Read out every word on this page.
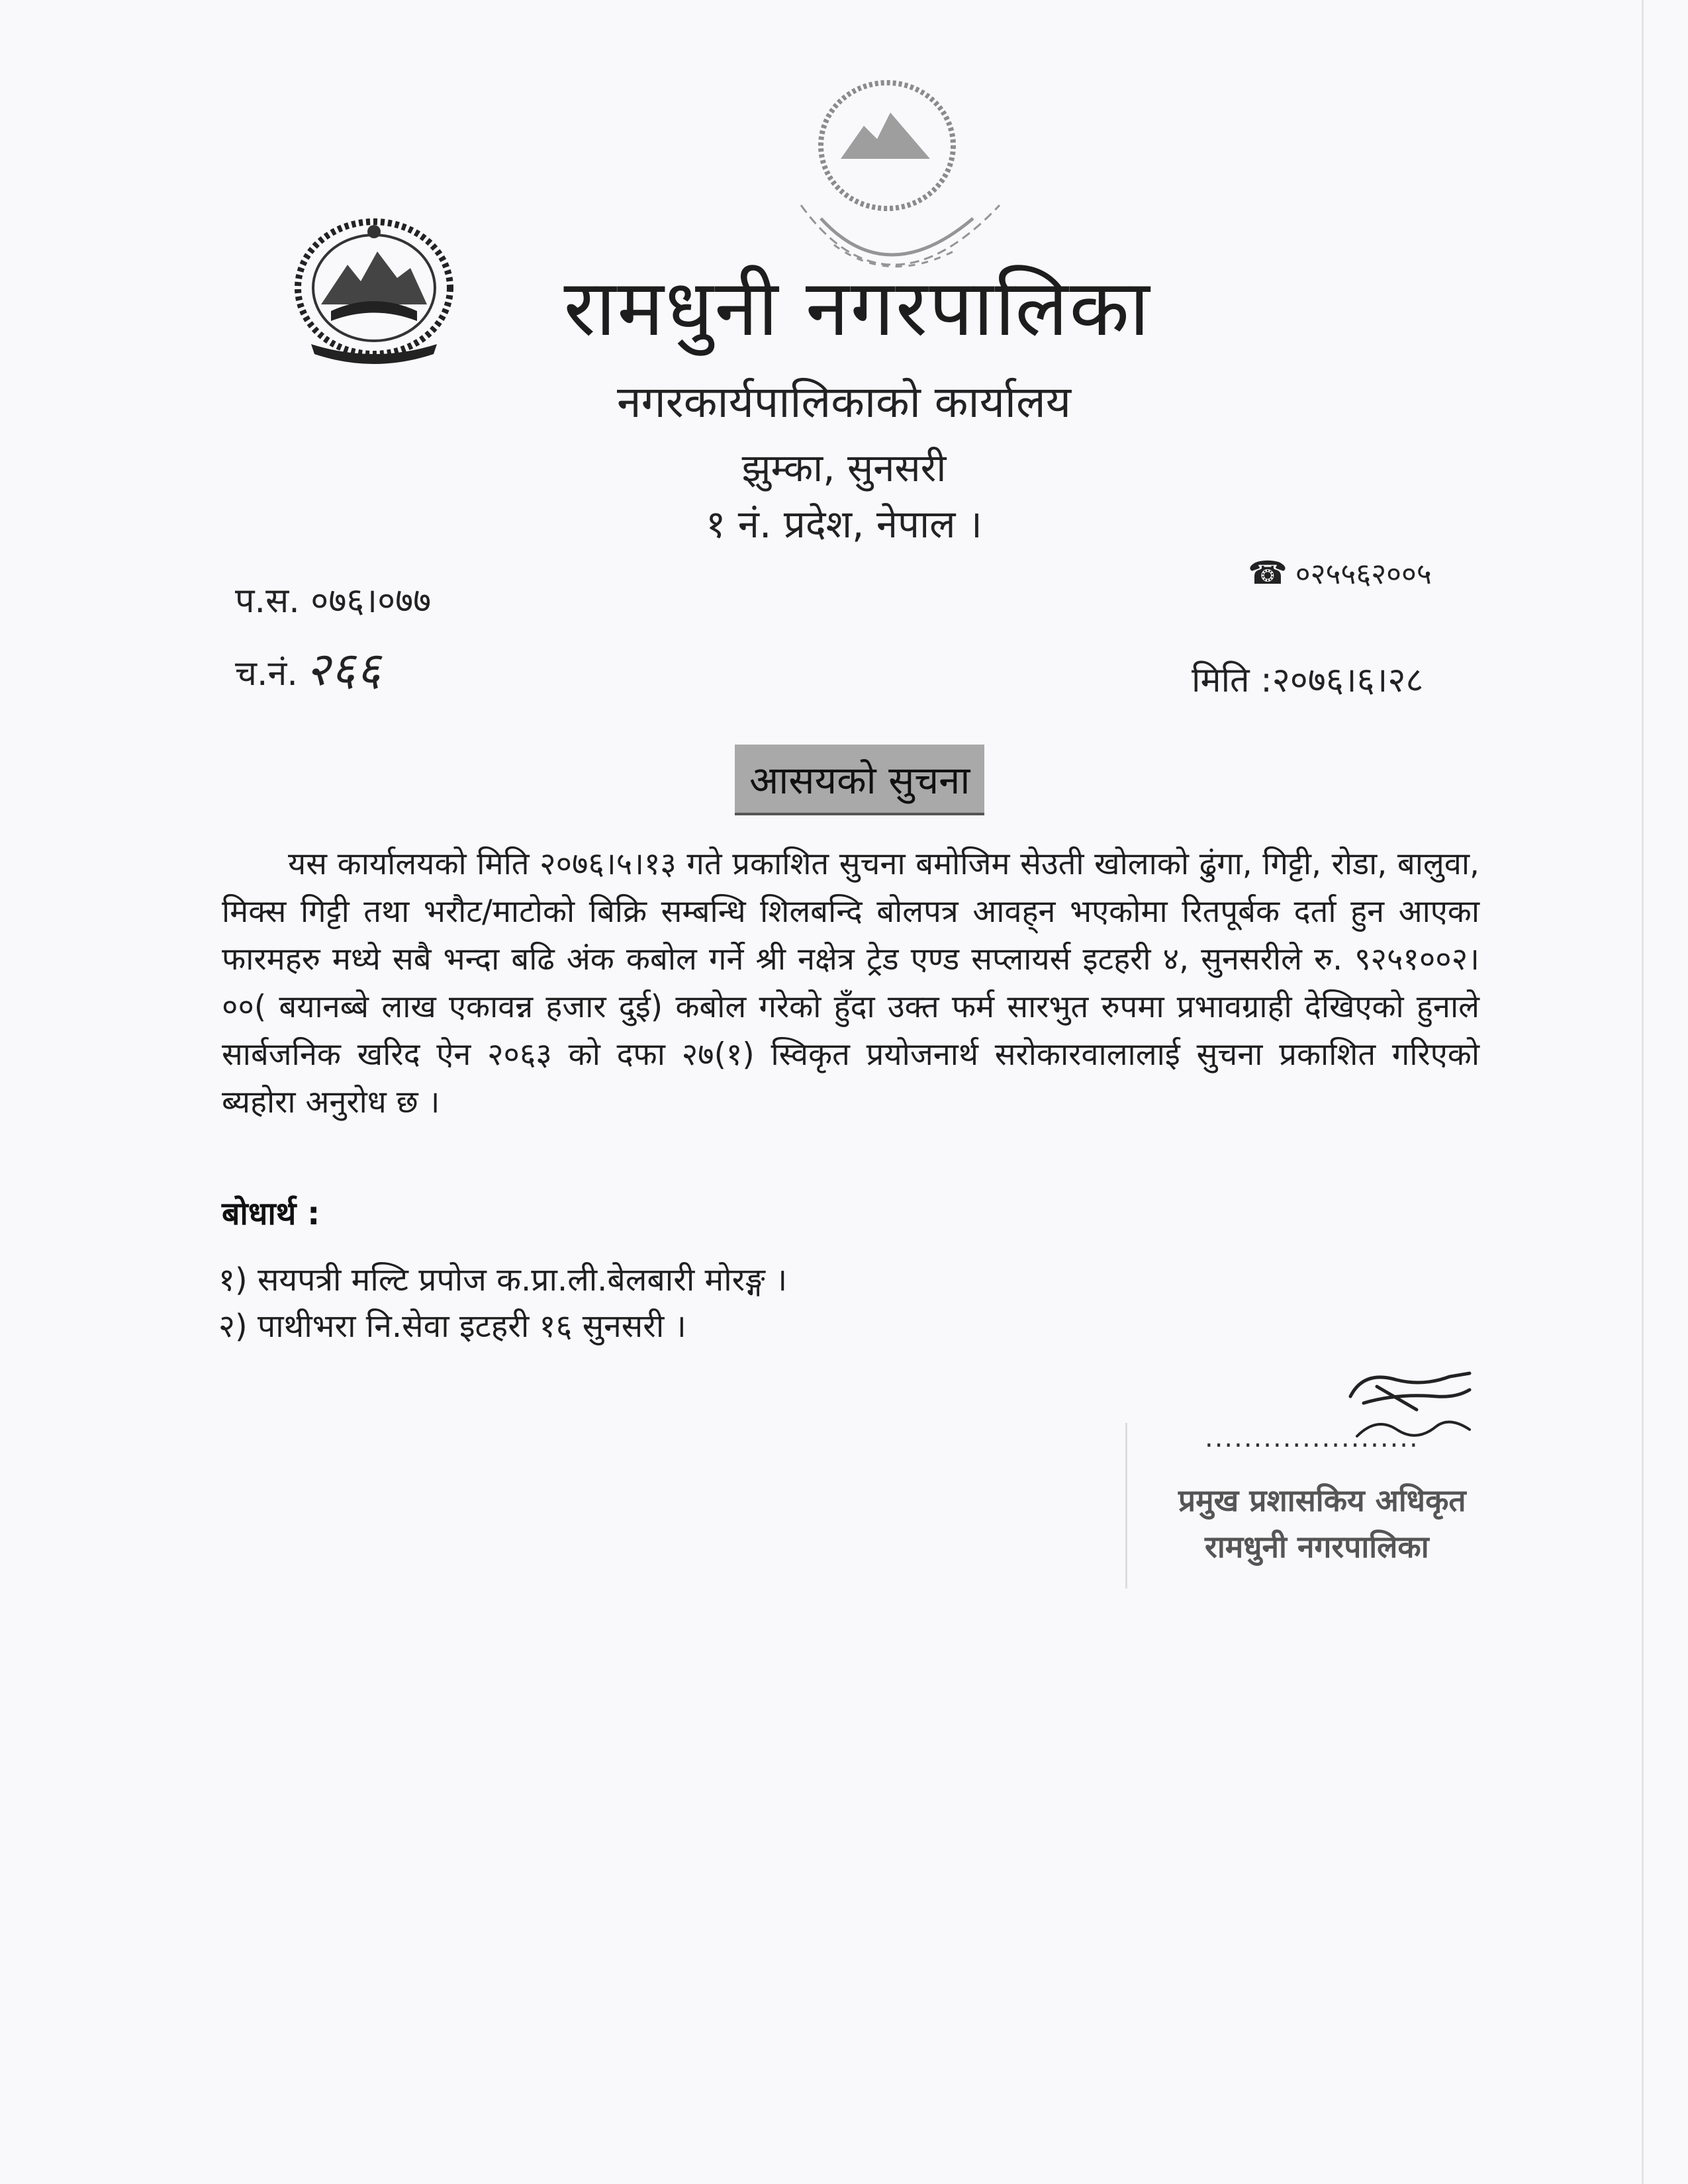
रामधुनी नगरपालिका
नगरकार्यपालिकाको कार्यालय
झुम्का, सुनसरी
१ नं. प्रदेश, नेपाल ।
☎ ०२५५६२००५
प.स. ०७६।०७७
च.नं. २६६	मिति :२०७६।६।२८
आसयको सुचना
यस कार्यालयको मिति २०७६।५।१३ गते प्रकाशित सुचना बमोजिम सेउती खोलाको ढुंगा, गिट्टी, रोडा, बालुवा, मिक्स गिट्टी तथा भरौट/माटोको बिक्रि सम्बन्धि शिलबन्दि बोलपत्र आवह्‌न भएकोमा रितपूर्बक दर्ता हुन आएका फारमहरु मध्ये सबै भन्दा बढि अंक कबोल गर्ने श्री नक्षेत्र ट्रेड एण्ड सप्लायर्स इटहरी ४, सुनसरीले रु. ९२५१००२।००( बयानब्बे लाख एकावन्न हजार दुई) कबोल गरेको हुँदा उक्त फर्म सारभुत रुपमा प्रभावग्राही देखिएको हुनाले सार्बजनिक खरिद ऐन २०६३ को दफा २७(१) स्विकृत प्रयोजनार्थ सरोकारवालालाई सुचना प्रकाशित गरिएको ब्यहोरा अनुरोध छ ।
बोधार्थ :
१) सयपत्री मल्टि प्रपोज क.प्रा.ली.बेलबारी मोरङ्ग ।
२) पाथीभरा नि.सेवा इटहरी १६ सुनसरी ।
......................
प्रमुख प्रशासकिय अधिकृत
रामधुनी नगरपालिका
